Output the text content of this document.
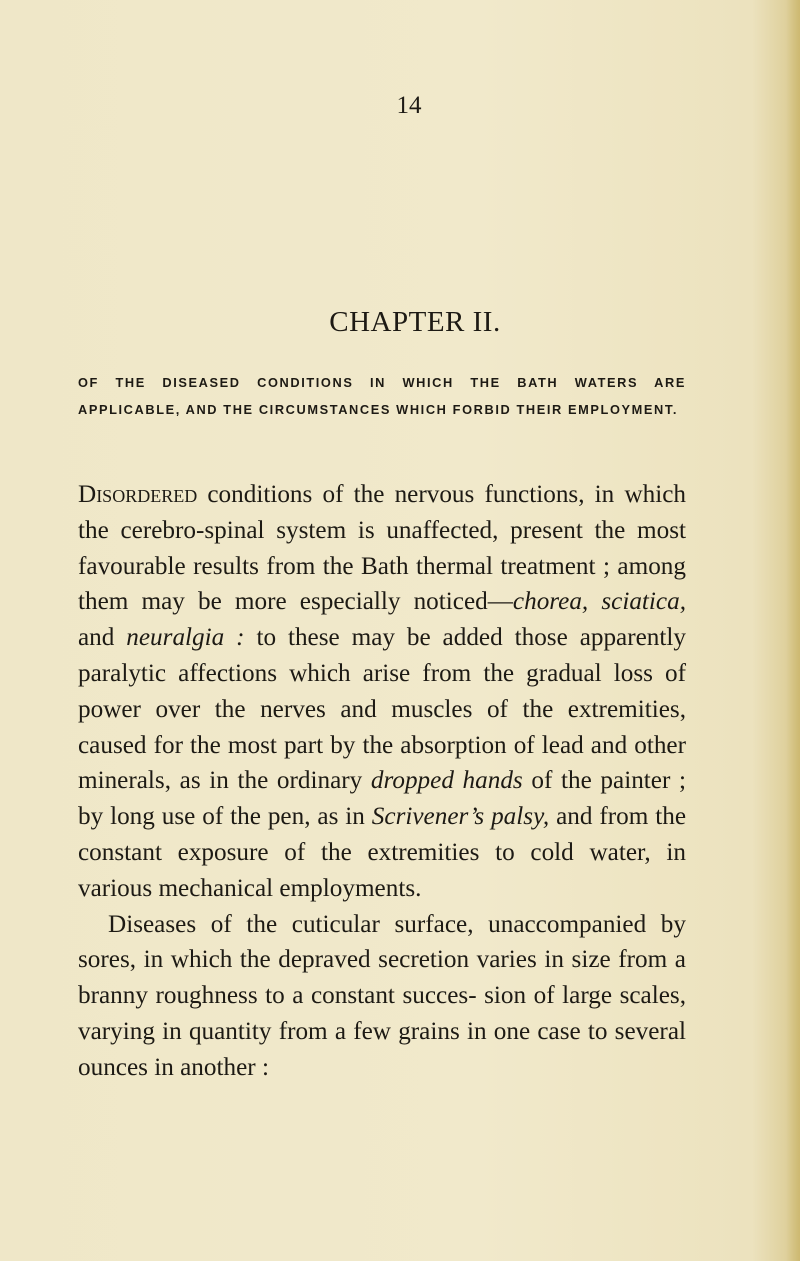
14
CHAPTER II.
OF THE DISEASED CONDITIONS IN WHICH THE BATH WATERS ARE APPLICABLE, AND THE CIRCUMSTANCES WHICH FORBID THEIR EMPLOYMENT.

Disordered conditions of the nervous functions, in which the cerebro-spinal system is unaffected, present the most favourable results from the Bath thermal treatment ; among them may be more especially noticed—chorea, sciatica, and neuralgia : to these may be added those apparently paralytic affections which arise from the gradual loss of power over the nerves and muscles of the extremities, caused for the most part by the absorption of lead and other minerals, as in the ordinary dropped hands of the painter ; by long use of the pen, as in Scrivener’s palsy, and from the constant exposure of the extremities to cold water, in various mechanical employments.

Diseases of the cuticular surface, unaccompanied by sores, in which the depraved secretion varies in size from a branny roughness to a constant succes- sion of large scales, varying in quantity from a few grains in one case to several ounces in another :
